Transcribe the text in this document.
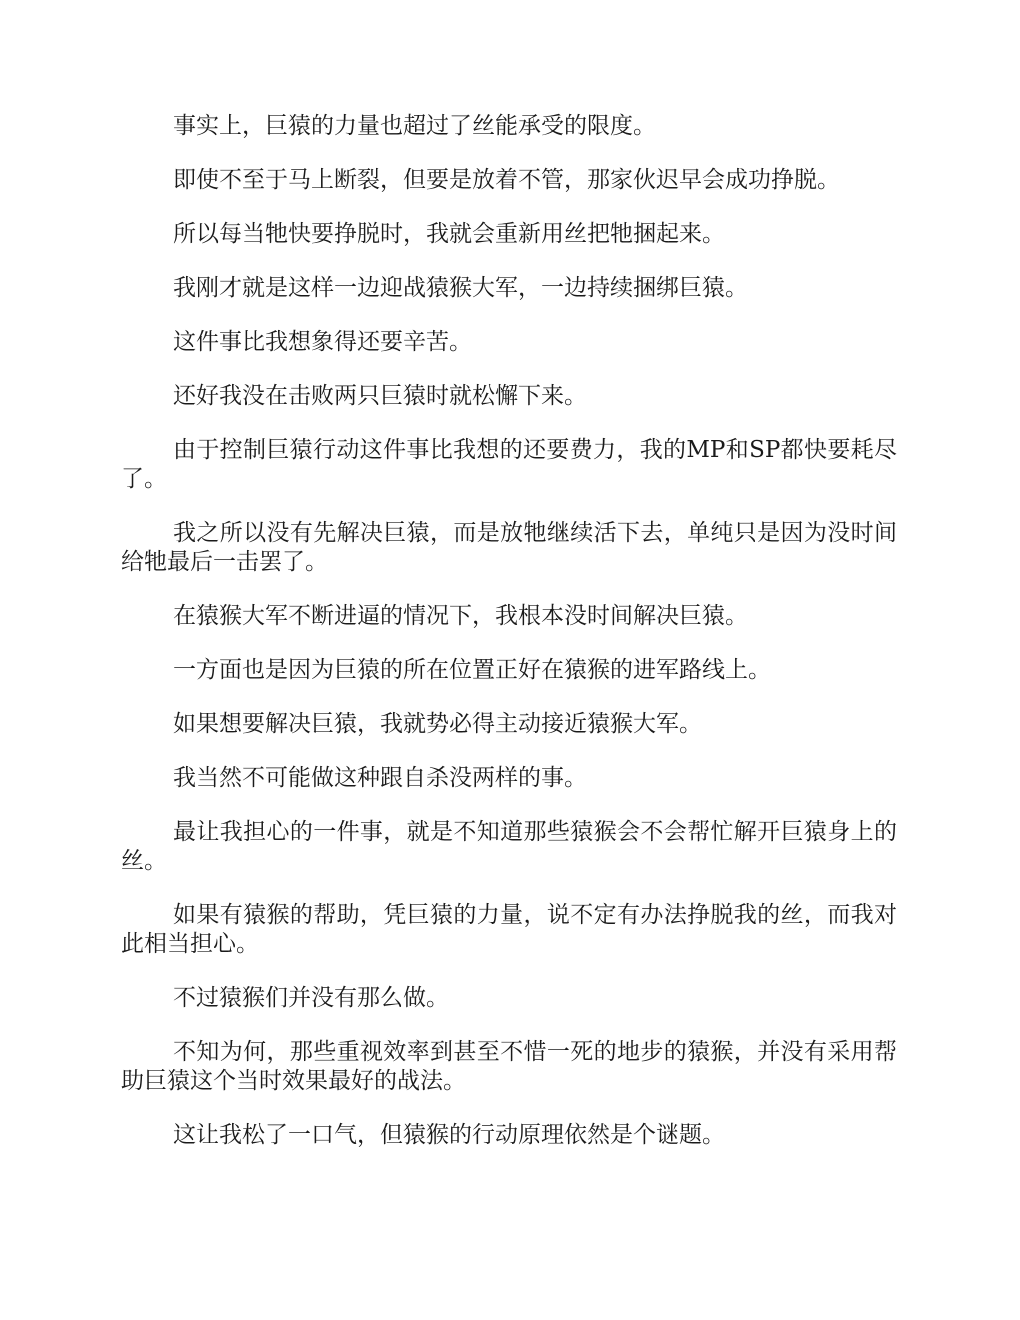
事实上，巨猿的力量也超过了丝能承受的限度。

即使不至于马上断裂，但要是放着不管，那家伙迟早会成功挣脱。

所以每当牠快要挣脱时，我就会重新用丝把牠捆起来。

我刚才就是这样一边迎战猿猴大军，一边持续捆绑巨猿。

这件事比我想象得还要辛苦。

还好我没在击败两只巨猿时就松懈下来。

由于控制巨猿行动这件事比我想的还要费力，我的MP和SP都快要耗尽了。

我之所以没有先解决巨猿，而是放牠继续活下去，单纯只是因为没时间给牠最后一击罢了。

在猿猴大军不断进逼的情况下，我根本没时间解决巨猿。

一方面也是因为巨猿的所在位置正好在猿猴的进军路线上。

如果想要解决巨猿，我就势必得主动接近猿猴大军。

我当然不可能做这种跟自杀没两样的事。

最让我担心的一件事，就是不知道那些猿猴会不会帮忙解开巨猿身上的丝。

如果有猿猴的帮助，凭巨猿的力量，说不定有办法挣脱我的丝，而我对此相当担心。

不过猿猴们并没有那么做。

不知为何，那些重视效率到甚至不惜一死的地步的猿猴，并没有采用帮助巨猿这个当时效果最好的战法。

这让我松了一口气，但猿猴的行动原理依然是个谜题。
